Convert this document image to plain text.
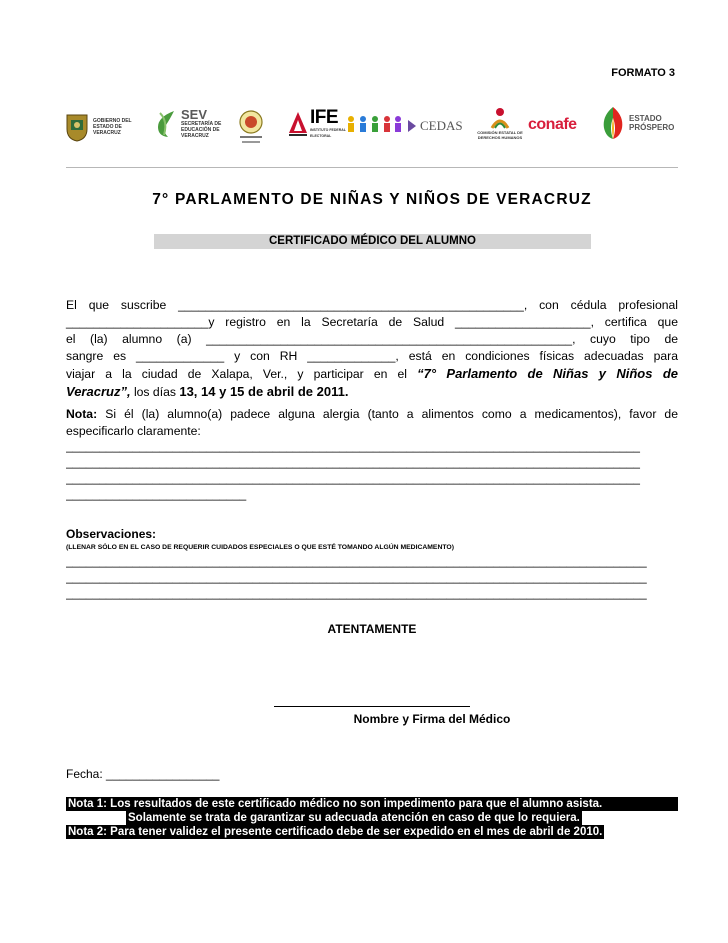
FORMATO 3
GOBIERNO DEL ESTADO DE VERACRUZ
SEV
SECRETARÍA DE EDUCACIÓN DE VERACRUZ
IFE
INSTITUTO FEDERAL ELECTORAL
CEDAS	COMISIÓN ESTATAL DE DERECHOS HUMANOS
conafe	ESTADO PRÓSPERO
7° PARLAMENTO DE NIÑAS Y NIÑOS DE VERACRUZ
CERTIFICADO MÉDICO DEL ALUMNO
El que suscribe ___________________________________________________, con cédula profesional
_____________________y registro en la Secretaría de Salud ____________________, certifica que
el (la) alumno (a) ______________________________________________________, cuyo tipo de
sangre es _____________ y con RH _____________, está en condiciones físicas adecuadas para
viajar a la ciudad de Xalapa, Ver., y participar en el “7° Parlamento de Niñas y Niños de
Veracruz”, los días 13, 14 y 15 de abril de 2011.
Nota: Si él (la) alumno(a) padece alguna alergia (tanto a alimentos como a medicamentos), favor de
especificarlo claramente:
______________________________________________________________________________________
______________________________________________________________________________________
______________________________________________________________________________________
___________________________
Observaciones:
(LLENAR SÓLO EN EL CASO DE REQUERIR CUIDADOS ESPECIALES O QUE ESTÉ TOMANDO ALGÚN MEDICAMENTO)
_______________________________________________________________________________________
_______________________________________________________________________________________
_______________________________________________________________________________________
ATENTAMENTE
Nombre y Firma del Médico
Fecha: _________________
Nota 1: Los resultados de este certificado médico no son impedimento para que el alumno asista.
Solamente se trata de garantizar su adecuada atención en caso de que lo requiera.
Nota 2: Para tener validez el presente certificado debe de ser expedido en el mes de abril de 2010.
